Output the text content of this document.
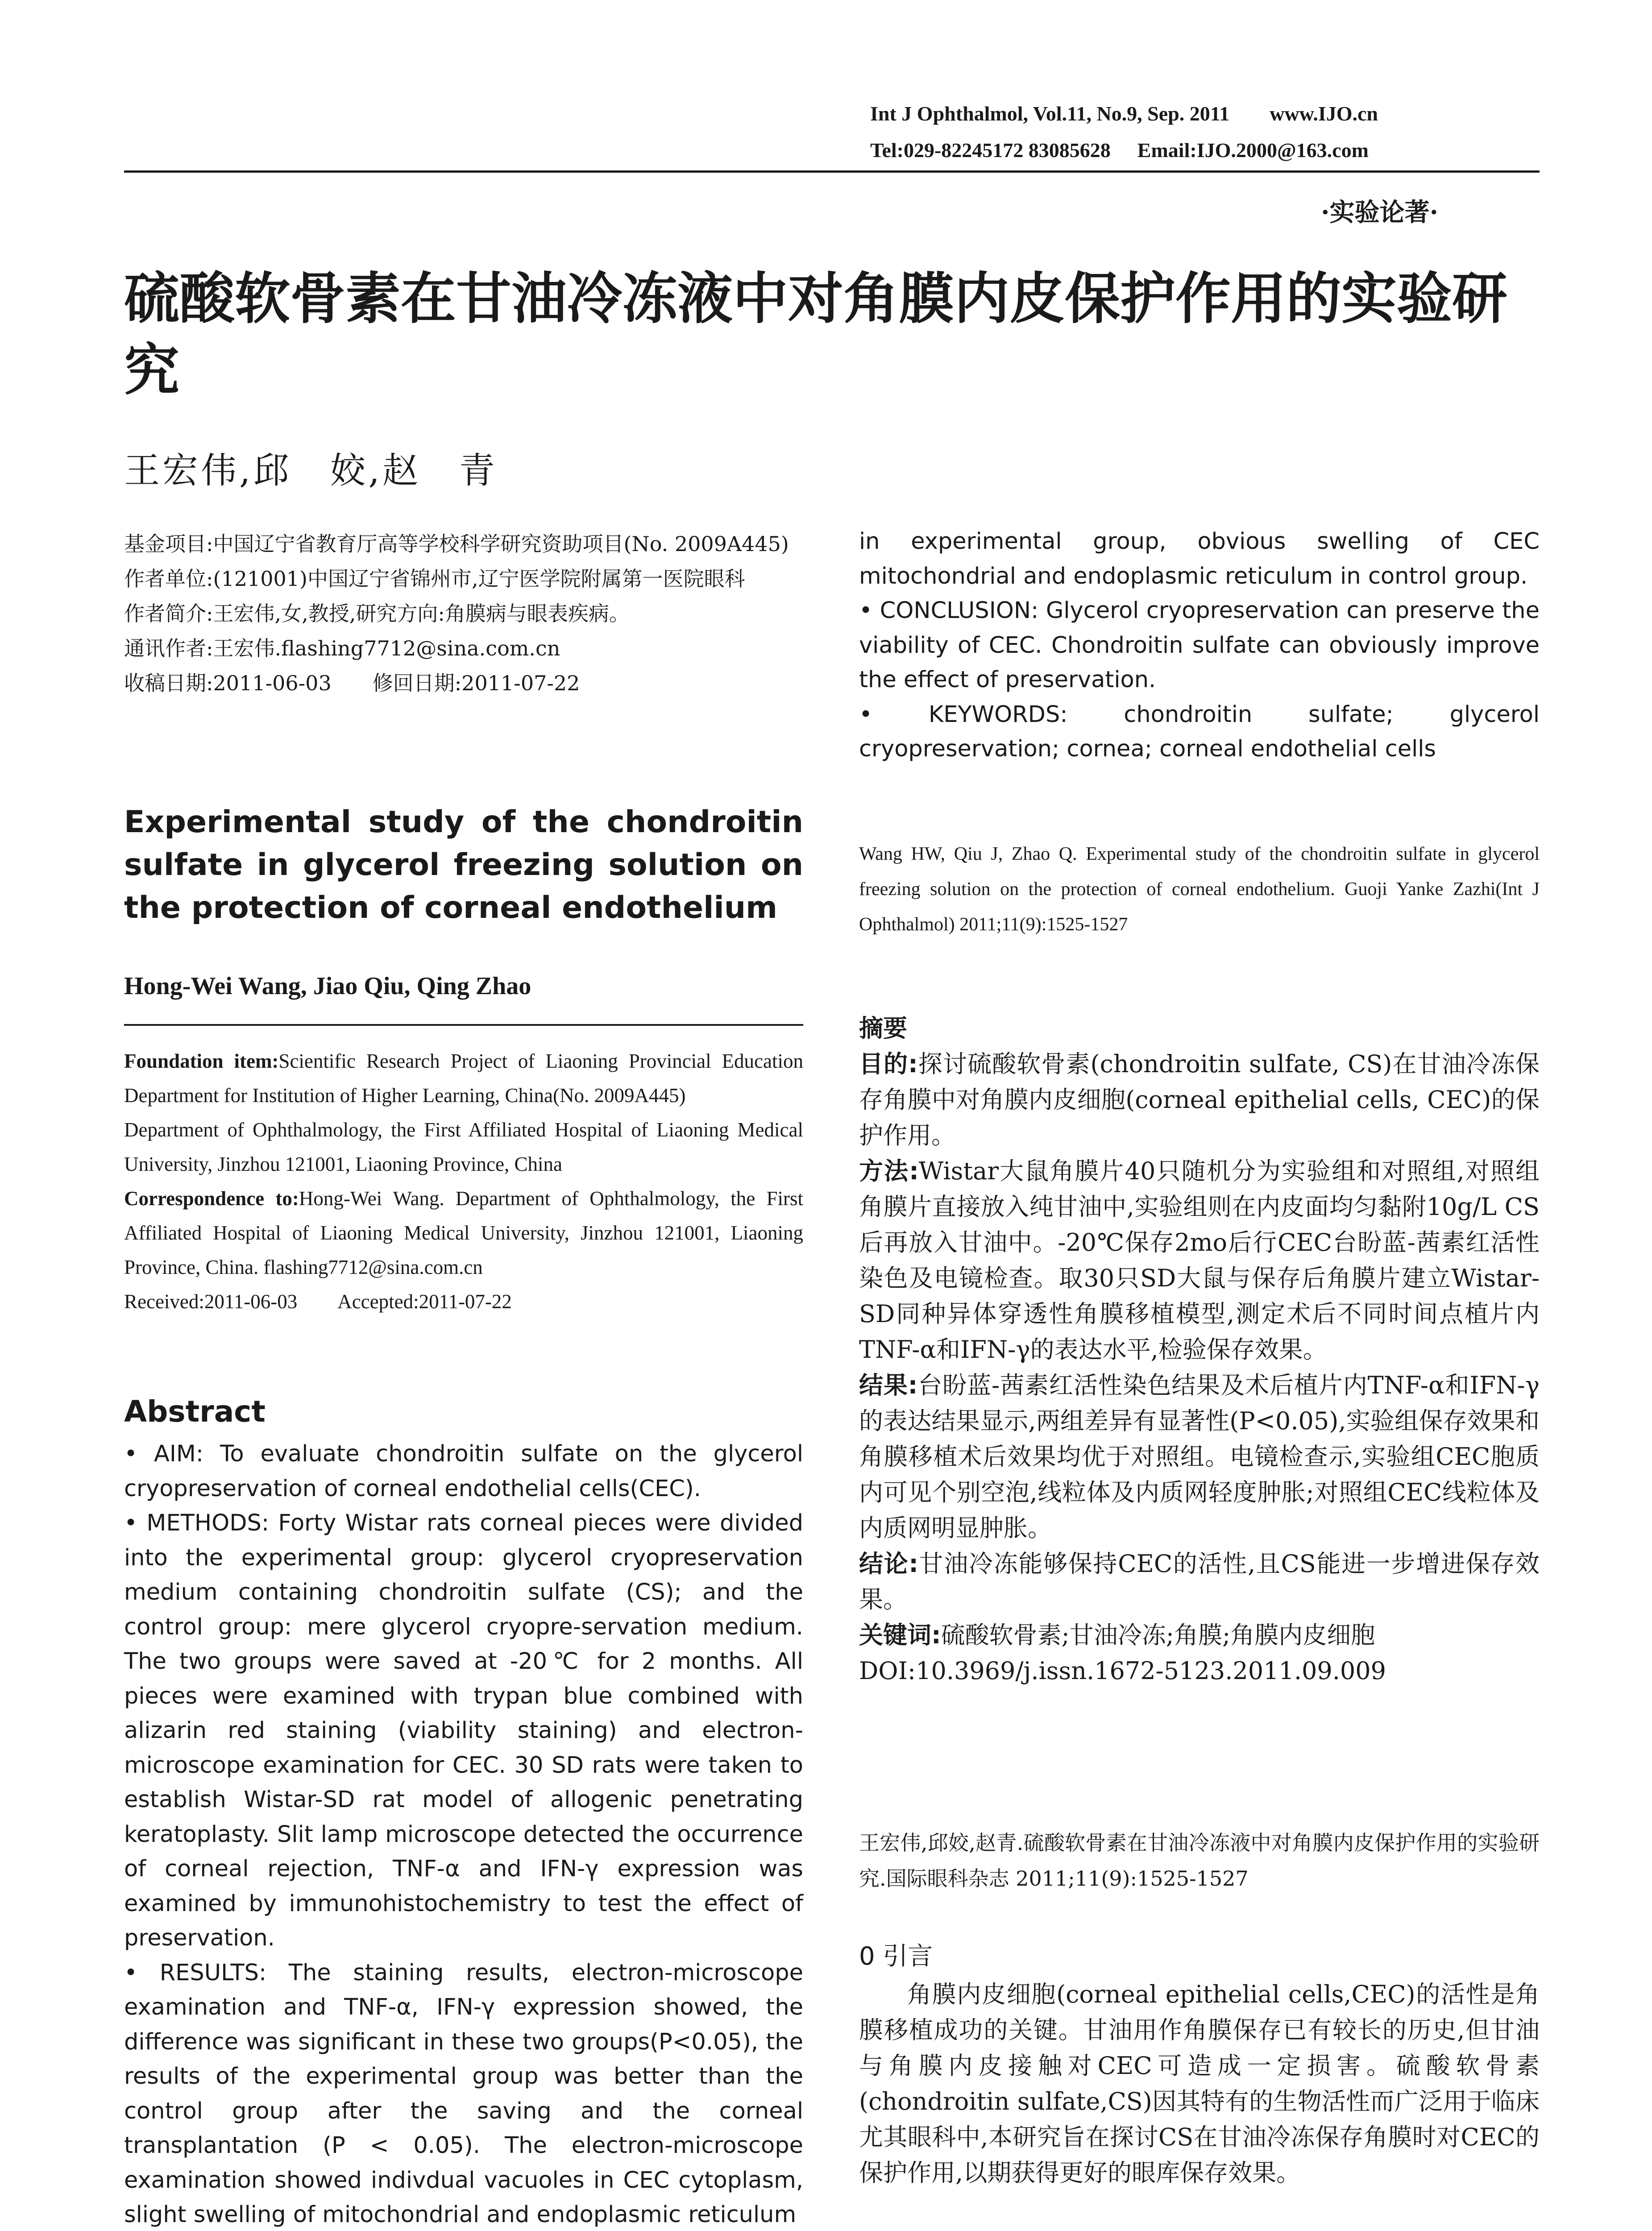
Int J Ophthalmol, Vol.11, No.9, Sep. 2011 www.IJO.cn
Tel:029-82245172 83085628 Email:IJO.2000@163.com
·实验论著·
硫酸软骨素在甘油冷冻液中对角膜内皮保护作用的实验研究
王宏伟,邱　姣,赵　青
基金项目:中国辽宁省教育厅高等学校科学研究资助项目(No. 2009A445)
作者单位:(121001)中国辽宁省锦州市,辽宁医学院附属第一医院眼科
作者简介:王宏伟,女,教授,研究方向:角膜病与眼表疾病。
通讯作者:王宏伟.flashing7712@sina.com.cn
收稿日期:2011-06-03　　修回日期:2011-07-22
Experimental study of the chondroitin sulfate in glycerol freezing solution on the protection of corneal endothelium
Hong-Wei Wang, Jiao Qiu, Qing Zhao
Foundation item:Scientific Research Project of Liaoning Provincial Education Department for Institution of Higher Learning, China(No. 2009A445)
Department of Ophthalmology, the First Affiliated Hospital of Liaoning Medical University, Jinzhou 121001, Liaoning Province, China
Correspondence to:Hong-Wei Wang. Department of Ophthalmology, the First Affiliated Hospital of Liaoning Medical University, Jinzhou 121001, Liaoning Province, China. flashing7712@sina.com.cn
Received:2011-06-03　　Accepted:2011-07-22
Abstract
• AIM: To evaluate chondroitin sulfate on the glycerol cryopreservation of corneal endothelial cells(CEC).
• METHODS: Forty Wistar rats corneal pieces were divided into the experimental group: glycerol cryopreservation medium containing chondroitin sulfate (CS); and the control group: mere glycerol cryopre-servation medium. The two groups were saved at -20℃ for 2 months. All pieces were examined with trypan blue combined with alizarin red staining (viability staining) and electron-microscope examination for CEC. 30 SD rats were taken to establish Wistar-SD rat model of allogenic penetrating keratoplasty. Slit lamp microscope detected the occurrence of corneal rejection, TNF-α and IFN-γ expression was examined by immunohistochemistry to test the effect of preservation.
• RESULTS: The staining results, electron-microscope examination and TNF-α, IFN-γ expression showed, the difference was significant in these two groups(P<0.05), the results of the experimental group was better than the control group after the saving and the corneal transplantation (P < 0.05). The electron-microscope examination showed indivdual vacuoles in CEC cytoplasm, slight swelling of mitochondrial and endoplasmic reticulum
in experimental group, obvious swelling of CEC mitochondrial and endoplasmic reticulum in control group.
• CONCLUSION: Glycerol cryopreservation can preserve the viability of CEC. Chondroitin sulfate can obviously improve the effect of preservation.
• KEYWORDS: chondroitin sulfate; glycerol cryopreservation; cornea; corneal endothelial cells
Wang HW, Qiu J, Zhao Q. Experimental study of the chondroitin sulfate in glycerol freezing solution on the protection of corneal endothelium. Guoji Yanke Zazhi(Int J Ophthalmol) 2011;11(9):1525-1527
摘要
目的:探讨硫酸软骨素(chondroitin sulfate, CS)在甘油冷冻保存角膜中对角膜内皮细胞(corneal epithelial cells, CEC)的保护作用。
方法:Wistar大鼠角膜片40只随机分为实验组和对照组,对照组角膜片直接放入纯甘油中,实验组则在内皮面均匀黏附10g/L CS后再放入甘油中。-20℃保存2mo后行CEC台盼蓝-茜素红活性染色及电镜检查。取30只SD大鼠与保存后角膜片建立Wistar-SD同种异体穿透性角膜移植模型,测定术后不同时间点植片内TNF-α和IFN-γ的表达水平,检验保存效果。
结果:台盼蓝-茜素红活性染色结果及术后植片内TNF-α和IFN-γ的表达结果显示,两组差异有显著性(P<0.05),实验组保存效果和角膜移植术后效果均优于对照组。电镜检查示,实验组CEC胞质内可见个别空泡,线粒体及内质网轻度肿胀;对照组CEC线粒体及内质网明显肿胀。
结论:甘油冷冻能够保持CEC的活性,且CS能进一步增进保存效果。
关键词:硫酸软骨素;甘油冷冻;角膜;角膜内皮细胞
DOI:10.3969/j.issn.1672-5123.2011.09.009
王宏伟,邱姣,赵青.硫酸软骨素在甘油冷冻液中对角膜内皮保护作用的实验研究.国际眼科杂志 2011;11(9):1525-1527
0 引言
角膜内皮细胞(corneal epithelial cells,CEC)的活性是角膜移植成功的关键。甘油用作角膜保存已有较长的历史,但甘油与角膜内皮接触对CEC可造成一定损害。硫酸软骨素(chondroitin sulfate,CS)因其特有的生物活性而广泛用于临床尤其眼科中,本研究旨在探讨CS在甘油冷冻保存角膜时对CEC的保护作用,以期获得更好的眼库保存效果。
